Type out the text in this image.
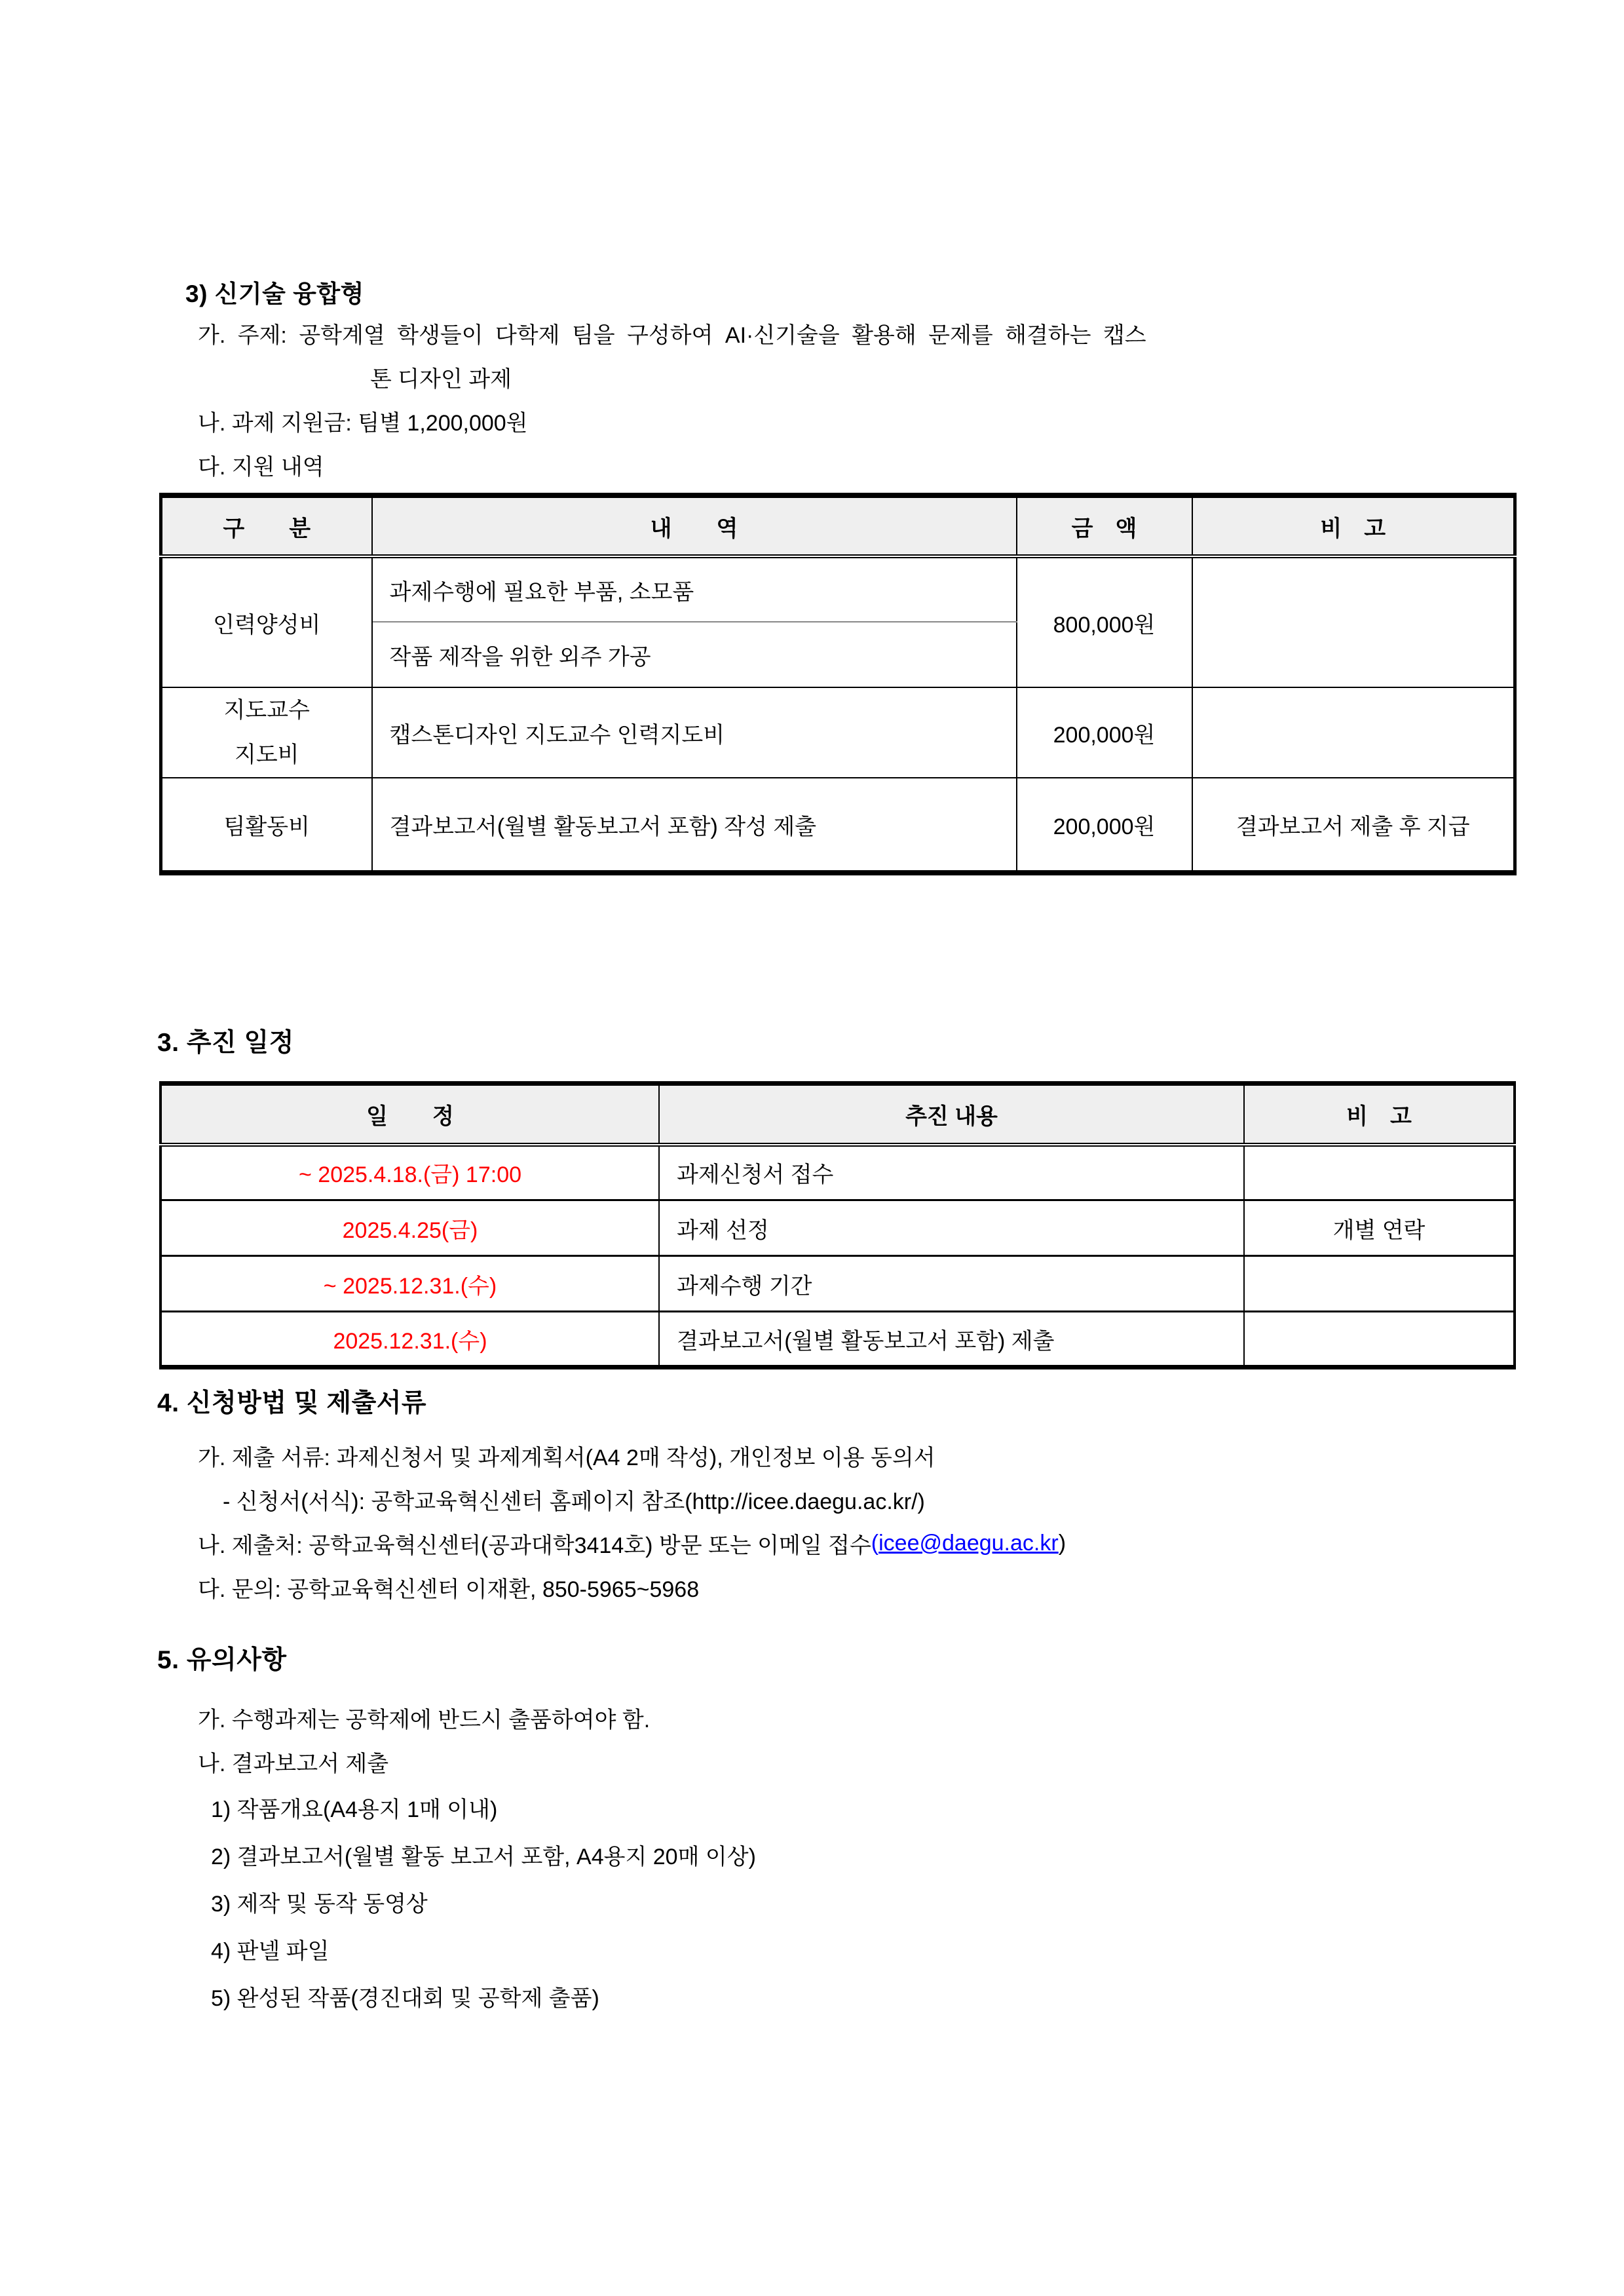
3) 신기술 융합형
가. 주제: 공학계열 학생들이 다학제 팀을 구성하여 AI·신기술을 활용해 문제를 해결하는 캡스
톤 디자인 과제
나. 과제 지원금: 팀별 1,200,000원
다. 지원 내역
구  분	내  역	금 액	비 고
인력양성비	과제수행에 필요한 부품, 소모품	800,000원	
	작품 제작을 위한 외주 가공		
지도교수
지도비	캡스톤디자인 지도교수 인력지도비	200,000원	
팀활동비	결과보고서(월별 활동보고서 포함) 작성 제출	200,000원	결과보고서 제출 후 지급
3. 추진 일정
일  정	추진 내용	비 고
~ 2025.4.18.(금) 17:00	과제신청서 접수	
2025.4.25(금)	과제 선정	개별 연락
~ 2025.12.31.(수)	과제수행 기간	
2025.12.31.(수)	결과보고서(월별 활동보고서 포함) 제출	
4. 신청방법 및 제출서류
가. 제출 서류: 과제신청서 및 과제계획서(A4 2매 작성), 개인정보 이용 동의서
- 신청서(서식): 공학교육혁신센터 홈페이지 참조(http://icee.daegu.ac.kr/)
나. 제출처: 공학교육혁신센터(공과대학3414호) 방문 또는 이메일 접수 ( icee@daegu.ac.kr )
다. 문의: 공학교육혁신센터 이재환, 850-5965~5968
5. 유의사항
가. 수행과제는 공학제에 반드시 출품하여야 함.
나. 결과보고서 제출
1) 작품개요(A4용지 1매 이내)
2) 결과보고서(월별 활동 보고서 포함, A4용지 20매 이상)
3) 제작 및 동작 동영상
4) 판넬 파일
5) 완성된 작품(경진대회 및 공학제 출품)
